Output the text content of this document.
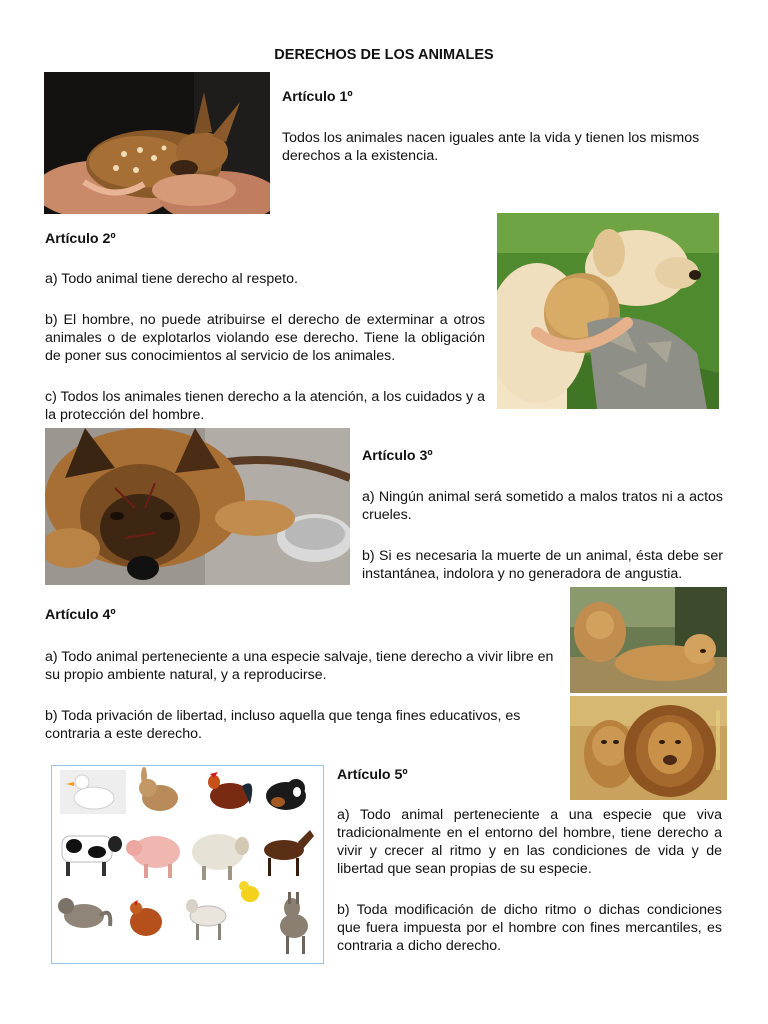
DERECHOS DE LOS ANIMALES
Artículo 1º

Todos los animales nacen iguales ante la vida y tienen los mismos derechos a la existencia.

Artículo 2º

a) Todo animal tiene derecho al respeto.

b) El hombre, no puede atribuirse el derecho de exterminar a otros animales o de explotarlos violando ese derecho. Tiene la obligación de poner sus conocimientos al servicio de los animales.

c) Todos los animales tienen derecho a la atención, a los cuidados y a la protección del hombre.

Artículo 3º

a) Ningún animal será sometido a malos tratos ni a actos crueles.

b) Si es necesaria la muerte de un animal, ésta debe ser instantánea, indolora y no generadora de angustia.

Artículo 4º

a) Todo animal perteneciente a una especie salvaje, tiene derecho a vivir libre en su propio ambiente natural, y a reproducirse.

b) Toda privación de libertad, incluso aquella que tenga fines educativos, es contraria a este derecho.

Artículo 5º

a) Todo animal perteneciente a una especie que viva tradicionalmente en el entorno del hombre, tiene derecho a vivir y crecer al ritmo y en las condiciones de vida y de libertad que sean propias de su especie.

b) Toda modificación de dicho ritmo o dichas condiciones que fuera impuesta por el hombre con fines mercantiles, es contraria a dicho derecho.
